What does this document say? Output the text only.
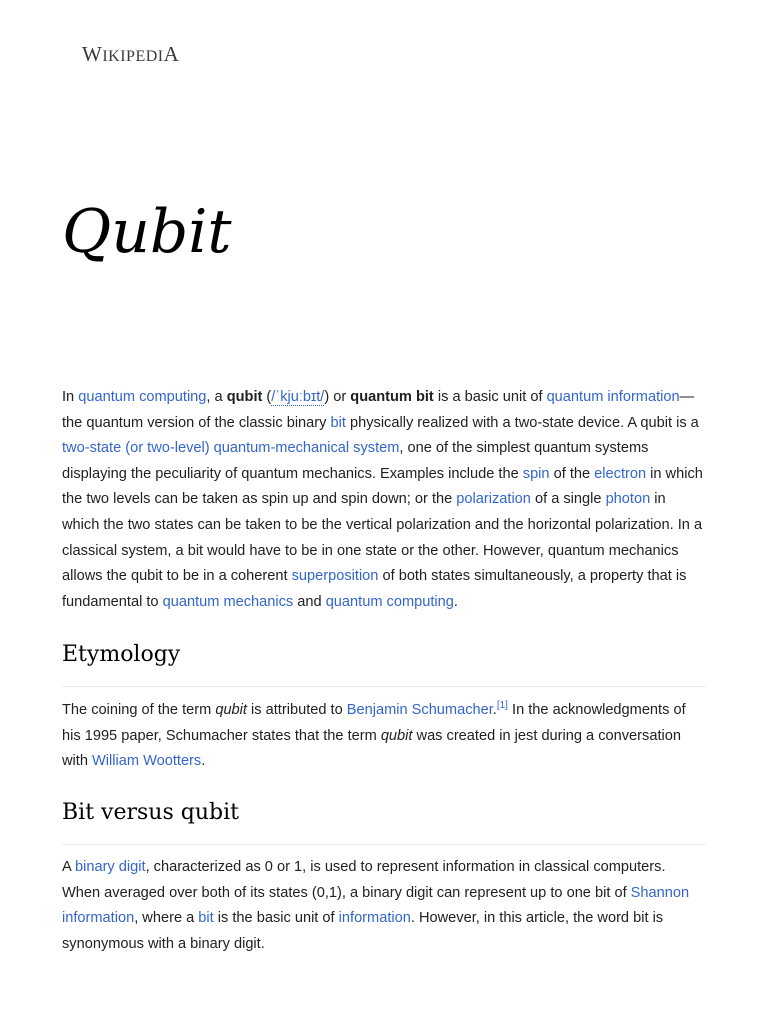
WIKIPEDIA
Qubit

In quantum computing, a qubit (/ˈkjuːbɪt/) or quantum bit is a basic unit of quantum information—the quantum version of the classic binary bit physically realized with a two-state device. A qubit is a two-state (or two-level) quantum-mechanical system, one of the simplest quantum systems displaying the peculiarity of quantum mechanics. Examples include the spin of the electron in which the two levels can be taken as spin up and spin down; or the polarization of a single photon in which the two states can be taken to be the vertical polarization and the horizontal polarization. In a classical system, a bit would have to be in one state or the other. However, quantum mechanics allows the qubit to be in a coherent superposition of both states simultaneously, a property that is fundamental to quantum mechanics and quantum computing.

Etymology

The coining of the term qubit is attributed to Benjamin Schumacher.[1] In the acknowledgments of his 1995 paper, Schumacher states that the term qubit was created in jest during a conversation with William Wootters.

Bit versus qubit

A binary digit, characterized as 0 or 1, is used to represent information in classical computers. When averaged over both of its states (0,1), a binary digit can represent up to one bit of Shannon information, where a bit is the basic unit of information. However, in this article, the word bit is synonymous with a binary digit.
